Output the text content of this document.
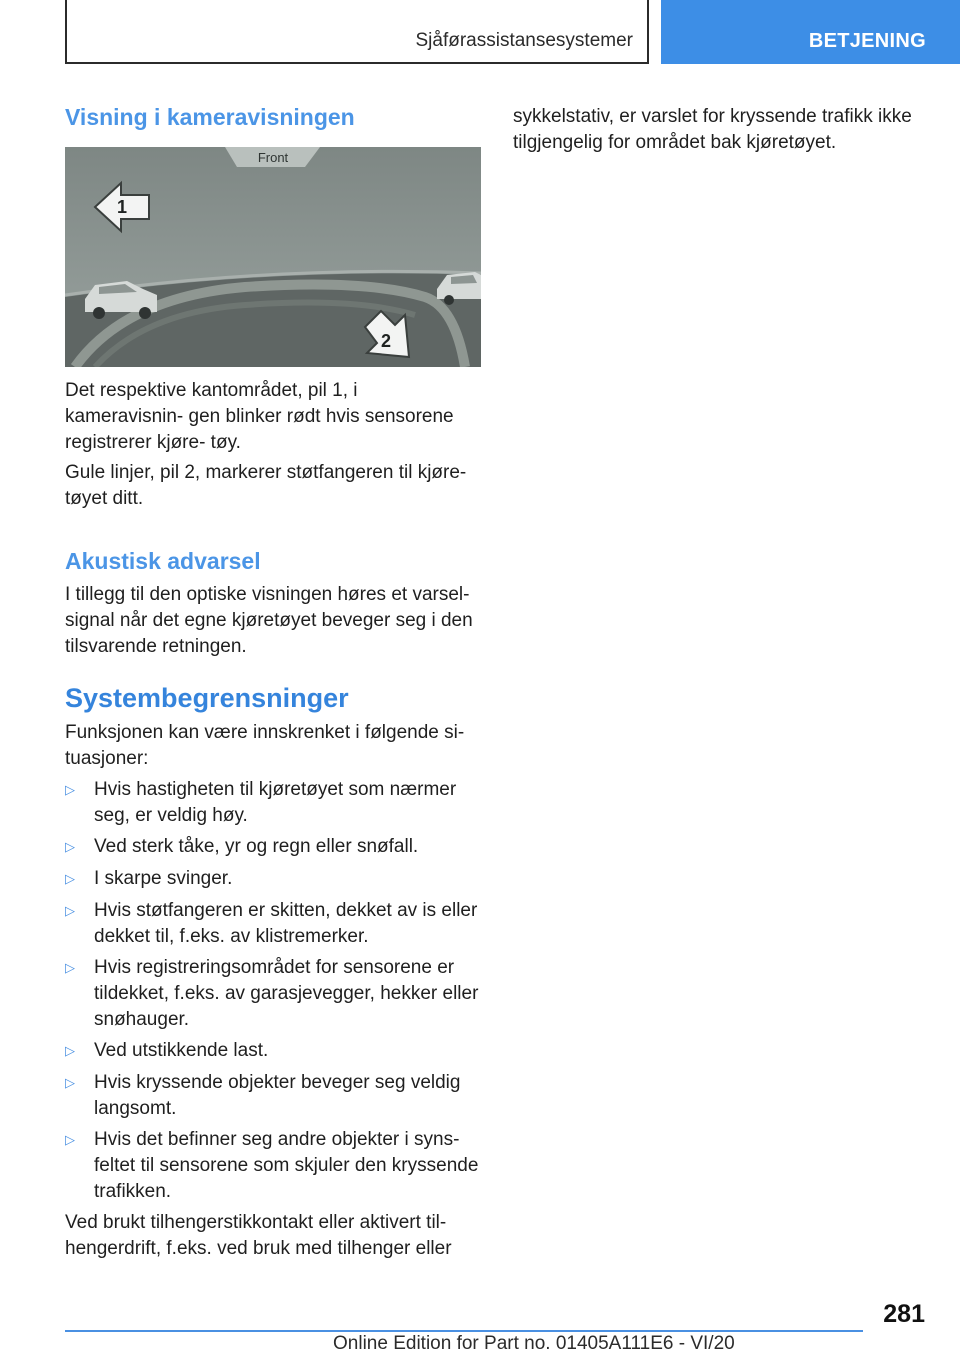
Sjåførassistansesystemer	BETJENING
Visning i kameravisningen

Det respektive kantområdet, pil 1, i kameravisnin‐ gen blinker rødt hvis sensorene registrerer kjøre‐ tøy.

Gule linjer, pil 2, markerer støtfangeren til kjøre‐ tøyet ditt.

Akustisk advarsel

I tillegg til den optiske visningen høres et varsel‐ signal når det egne kjøretøyet beveger seg i den tilsvarende retningen.

Systembegrensninger

Funksjonen kan være innskrenket i følgende si‐ tuasjoner:

▷ Hvis hastigheten til kjøretøyet som nærmer seg, er veldig høy.
▷ Ved sterk tåke, yr og regn eller snøfall.
▷ I skarpe svinger.
▷ Hvis støtfangeren er skitten, dekket av is eller dekket til, f.eks. av klistremerker.
▷ Hvis registreringsområdet for sensorene er tildekket, f.eks. av garasjevegger, hekker eller snøhauger.
▷ Ved utstikkende last.
▷ Hvis kryssende objekter beveger seg veldig langsomt.
▷ Hvis det befinner seg andre objekter i syns‐ feltet til sensorene som skjuler den kryssende trafikken.

Ved brukt tilhengerstikkontakt eller aktivert til‐ hengerdrift, f.eks. ved bruk med tilhenger eller

Front
1
2

sykkelstativ, er varslet for kryssende trafikk ikke tilgjengelig for området bak kjøretøyet.

281
Online Edition for Part no. 01405A111E6 - VI/20
